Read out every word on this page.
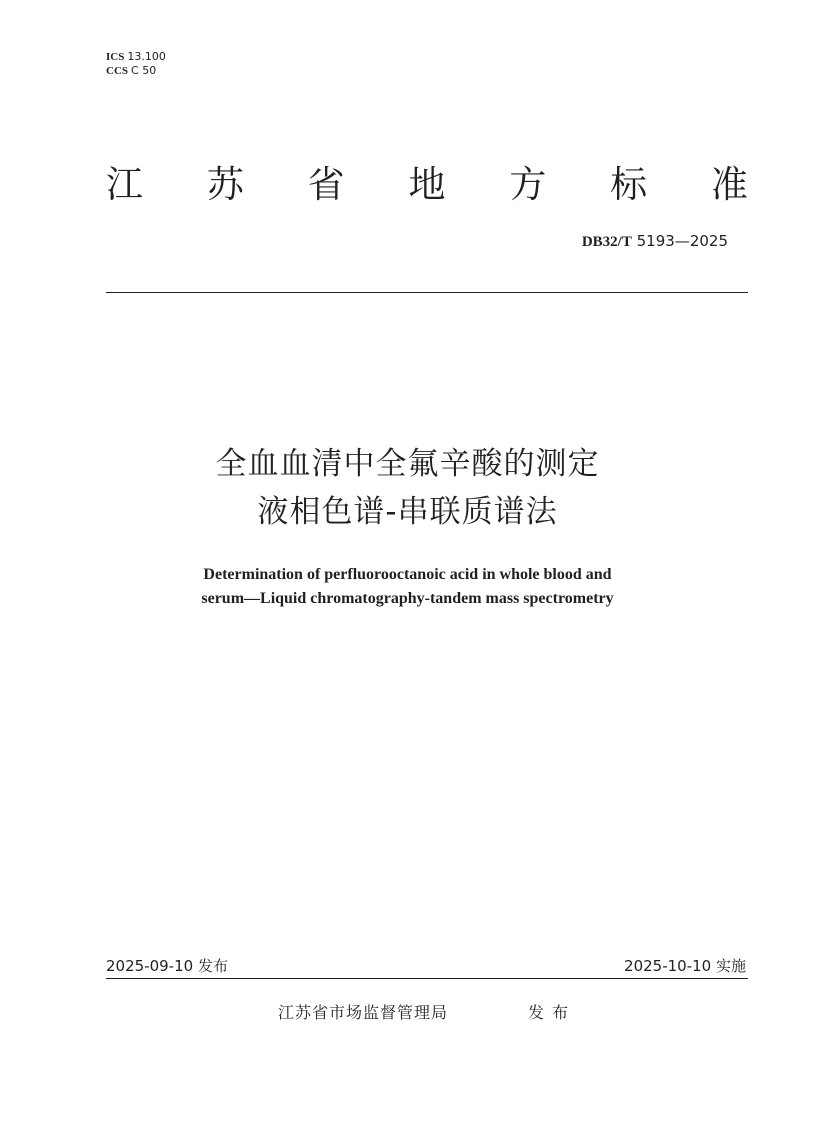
ICS 13.100
CCS C 50
江 苏 省 地 方 标 准
DB32/T 5193—2025
全血血清中全氟辛酸的测定
液相色谱-串联质谱法
Determination of perfluorooctanoic acid in whole blood and
serum—Liquid chromatography-tandem mass spectrometry
2025-09-10 发布	2025-10-10 实施
江苏省市场监督管理局	发布
